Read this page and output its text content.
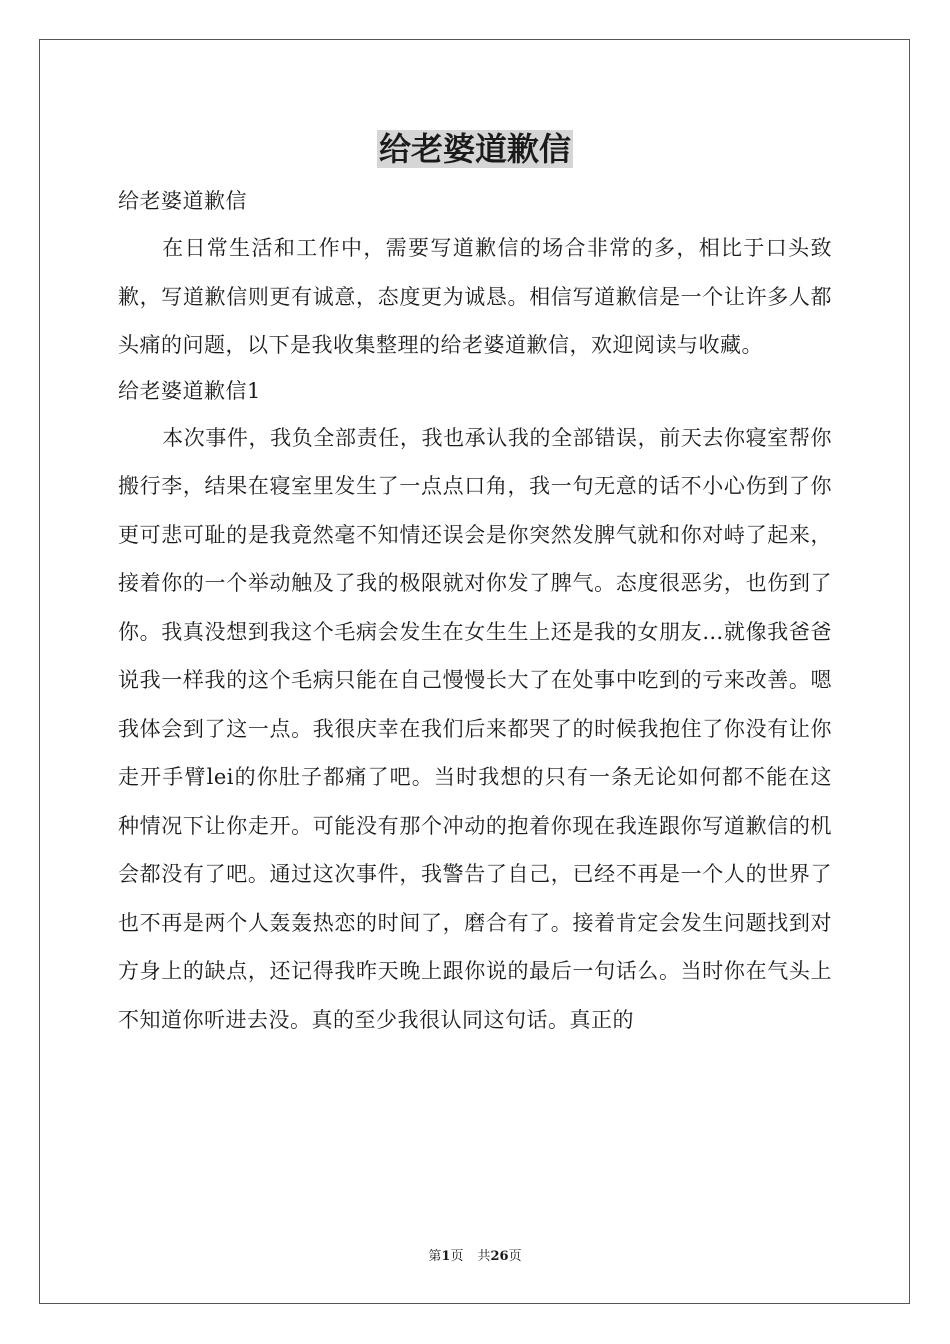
给老婆道歉信

给老婆道歉信

在日常生活和工作中，需要写道歉信的场合非常的多，相比于口头致歉，写道歉信则更有诚意，态度更为诚恳。相信写道歉信是一个让许多人都头痛的问题，以下是我收集整理的给老婆道歉信，欢迎阅读与收藏。

给老婆道歉信1

本次事件，我负全部责任，我也承认我的全部错误，前天去你寝室帮你搬行李，结果在寝室里发生了一点点口角，我一句无意的话不小心伤到了你更可悲可耻的是我竟然毫不知情还误会是你突然发脾气就和你对峙了起来，接着你的一个举动触及了我的极限就对你发了脾气。态度很恶劣，也伤到了你。我真没想到我这个毛病会发生在女生生上还是我的女朋友…就像我爸爸说我一样我的这个毛病只能在自己慢慢长大了在处事中吃到的亏来改善。嗯我体会到了这一点。我很庆幸在我们后来都哭了的时候我抱住了你没有让你走开手臂lei的你肚子都痛了吧。当时我想的只有一条无论如何都不能在这种情况下让你走开。可能没有那个冲动的抱着你现在我连跟你写道歉信的机会都没有了吧。通过这次事件，我警告了自己，已经不再是一个人的世界了也不再是两个人轰轰热恋的时间了，磨合有了。接着肯定会发生问题找到对方身上的缺点，还记得我昨天晚上跟你说的最后一句话么。当时你在气头上不知道你听进去没。真的至少我很认同这句话。真正的

第1页 共26页
